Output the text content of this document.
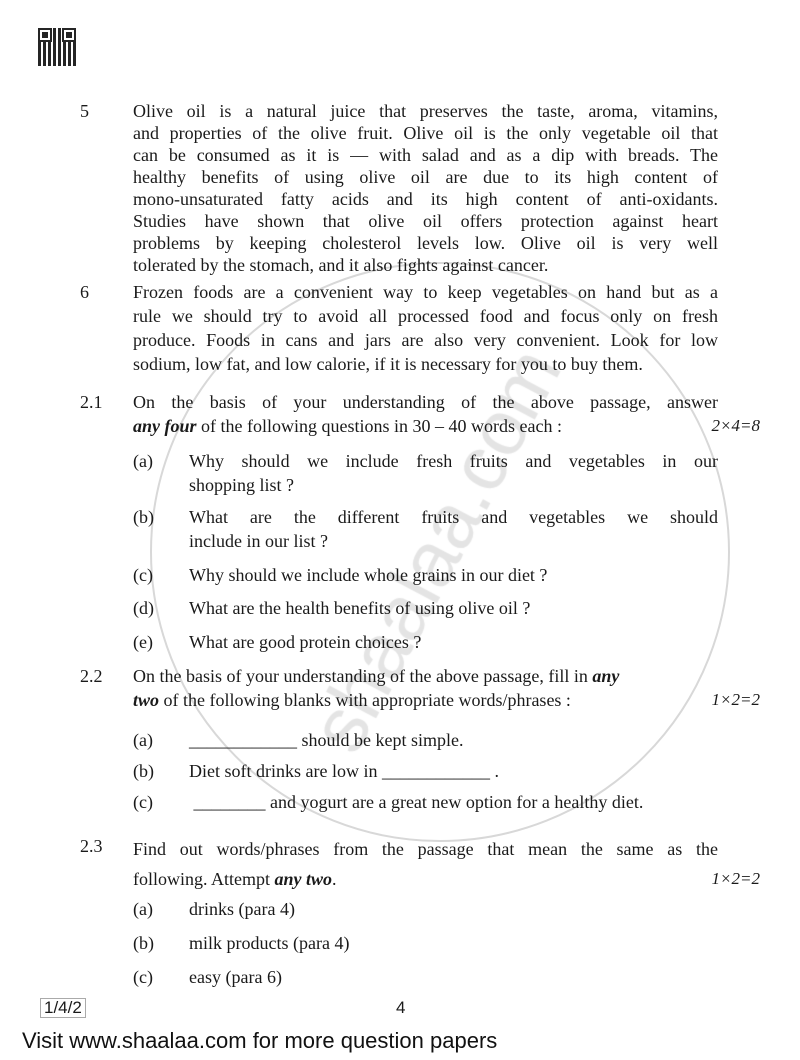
5 Olive oil is a natural juice that preserves the taste, aroma, vitamins,
and properties of the olive fruit. Olive oil is the only vegetable oil that
can be consumed as it is — with salad and as a dip with breads. The
healthy benefits of using olive oil are due to its high content of
mono-unsaturated fatty acids and its high content of anti-oxidants.
Studies have shown that olive oil offers protection against heart
problems by keeping cholesterol levels low. Olive oil is very well
tolerated by the stomach, and it also fights against cancer.
6 Frozen foods are a convenient way to keep vegetables on hand but as a
rule we should try to avoid all processed food and focus only on fresh
produce. Foods in cans and jars are also very convenient. Look for low
sodium, low fat, and low calorie, if it is necessary for you to buy them.
2.1 On the basis of your understanding of the above passage, answer
any four of the following questions in 30 – 40 words each :	2×4=8
(a) Why should we include fresh fruits and vegetables in our
shopping list ?
(b) What are the different fruits and vegetables we should
include in our list ?
(c) Why should we include whole grains in our diet ?
(d) What are the health benefits of using olive oil ?
(e) What are good protein choices ?
2.2 On the basis of your understanding of the above passage, fill in any
two of the following blanks with appropriate words/phrases :	1×2=2
(a) ____________ should be kept simple.
(b) Diet soft drinks are low in ____________ .
(c) ________ and yogurt are a great new option for a healthy diet.
2.3 Find out words/phrases from the passage that mean the same as the
following. Attempt any two.	1×2=2
(a) drinks (para 4)
(b) milk products (para 4)
(c) easy (para 6)
1/4/2	4
Visit www.shaalaa.com for more question papers
